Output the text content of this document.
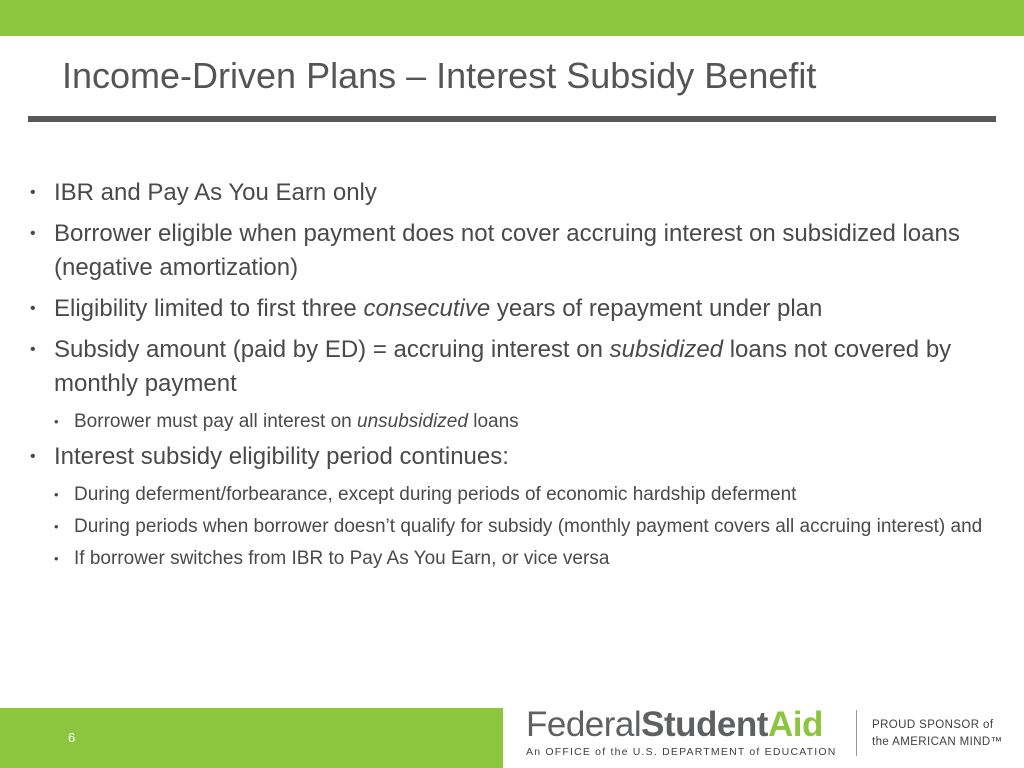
Income-Driven Plans – Interest Subsidy Benefit
• IBR and Pay As You Earn only
• Borrower eligible when payment does not cover accruing interest on subsidized loans (negative amortization)
• Eligibility limited to first three consecutive years of repayment under plan
• Subsidy amount (paid by ED) = accruing interest on subsidized loans not covered by monthly payment
• Borrower must pay all interest on unsubsidized loans
• Interest subsidy eligibility period continues:
• During deferment/forbearance, except during periods of economic hardship deferment
• During periods when borrower doesn’t qualify for subsidy (monthly payment covers all accruing interest) and
• If borrower switches from IBR to Pay As You Earn, or vice versa
6	FederalStudentAid
An OFFICE of the U.S. DEPARTMENT of EDUCATION
PROUD SPONSOR of
the AMERICAN MIND™
